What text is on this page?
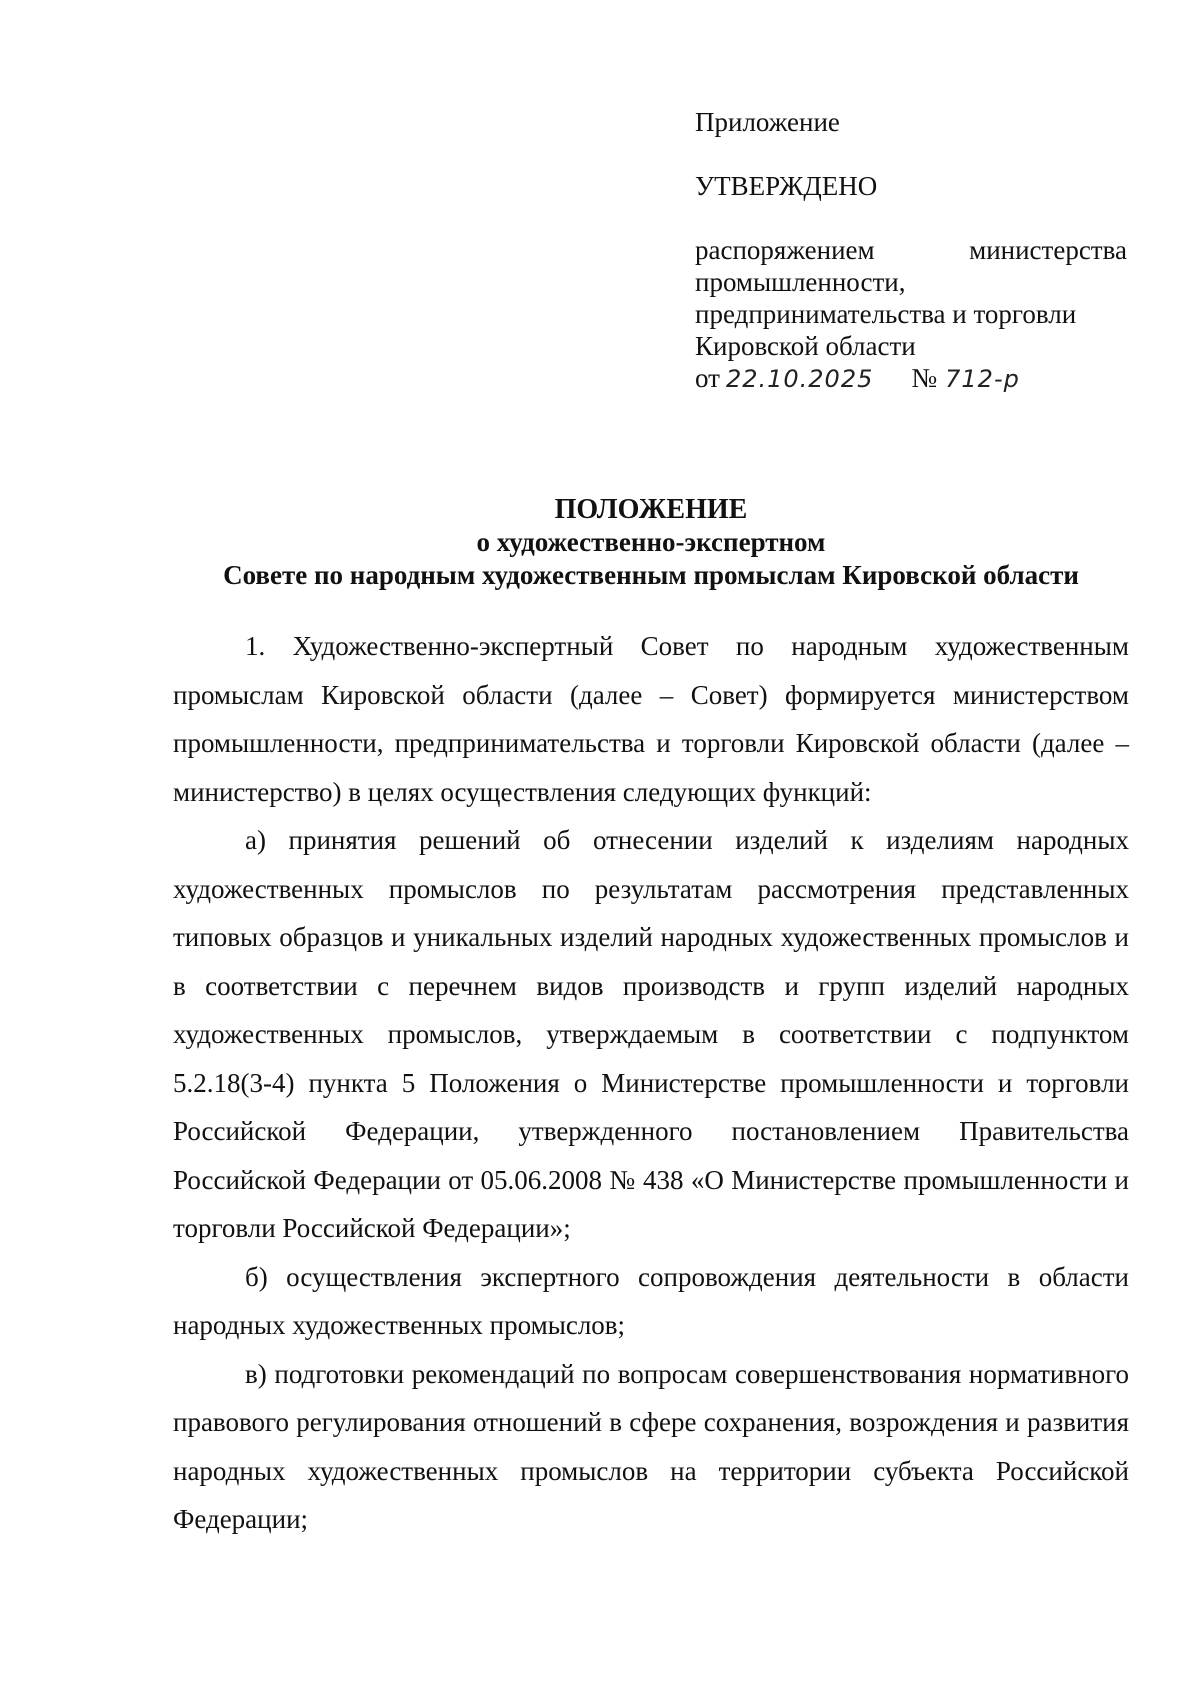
Приложение
УТВЕРЖДЕНО
распоряжением	министерства
промышленности,
предпринимательства и торговли
Кировской области
от 22.10.2025 № 712-р
ПОЛОЖЕНИЕ
о художественно-экспертном
Совете по народным художественным промыслам Кировской области

1. Художественно-экспертный Совет по народным художественным промыслам Кировской области (далее – Совет) формируется министерством промышленности, предпринимательства и торговли Кировской области (далее – министерство) в целях осуществления следующих функций:

а) принятия решений об отнесении изделий к изделиям народных художественных промыслов по результатам рассмотрения представленных типовых образцов и уникальных изделий народных художественных промыслов и в соответствии с перечнем видов производств и групп изделий народных художественных промыслов, утверждаемым в соответствии с подпунктом 5.2.18(3-4) пункта 5 Положения о Министерстве промышленности и торговли Российской Федерации, утвержденного постановлением Правительства Российской Федерации от 05.06.2008 № 438 «О Министерстве промышленности и торговли Российской Федерации»;

б) осуществления экспертного сопровождения деятельности в области народных художественных промыслов;

в) подготовки рекомендаций по вопросам совершенствования нормативного правового регулирования отношений в сфере сохранения, возрождения и развития народных художественных промыслов на территории субъекта Российской Федерации;
